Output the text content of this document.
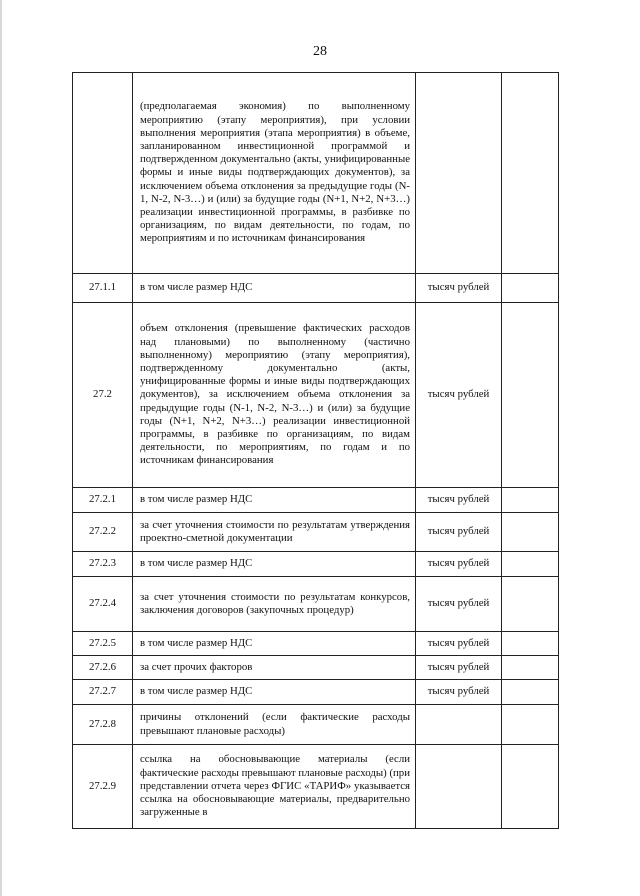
28
	(предполагаемая экономия) по выполненному мероприятию (этапу мероприятия), при условии выполнения мероприятия (этапа мероприятия) в объеме, запланированном инвестиционной программой и подтвержденном документально (акты, унифицированные формы и иные виды подтверждающих документов), за исключением объема отклонения за предыдущие годы (N-1, N-2, N-3…) и (или) за будущие годы (N+1, N+2, N+3…) реализации инвестиционной программы, в разбивке по организациям, по видам деятельности, по годам, по мероприятиям и по источникам финансирования		
27.1.1	в том числе размер НДС	тысяч рублей	
27.2	объем отклонения (превышение фактических расходов над плановыми) по выполненному (частично выполненному) мероприятию (этапу мероприятия), подтвержденному документально (акты, унифицированные формы и иные виды подтверждающих документов), за исключением объема отклонения за предыдущие годы (N-1, N-2, N-3…) и (или) за будущие годы (N+1, N+2, N+3…) реализации инвестиционной программы, в разбивке по организациям, по видам деятельности, по мероприятиям, по годам и по источникам финансирования	тысяч рублей	
27.2.1	в том числе размер НДС	тысяч рублей	
27.2.2	за счет уточнения стоимости по результатам утверждения проектно-сметной документации	тысяч рублей	
27.2.3	в том числе размер НДС	тысяч рублей	
27.2.4	за счет уточнения стоимости по результатам конкурсов, заключения договоров (закупочных процедур)	тысяч рублей	
27.2.5	в том числе размер НДС	тысяч рублей	
27.2.6	за счет прочих факторов	тысяч рублей	
27.2.7	в том числе размер НДС	тысяч рублей	
27.2.8	причины отклонений (если фактические расходы превышают плановые расходы)		
27.2.9	ссылка на обосновывающие материалы (если фактические расходы превышают плановые расходы) (при представлении отчета через ФГИС «ТАРИФ» указывается ссылка на обосновывающие материалы, предварительно загруженные в		
